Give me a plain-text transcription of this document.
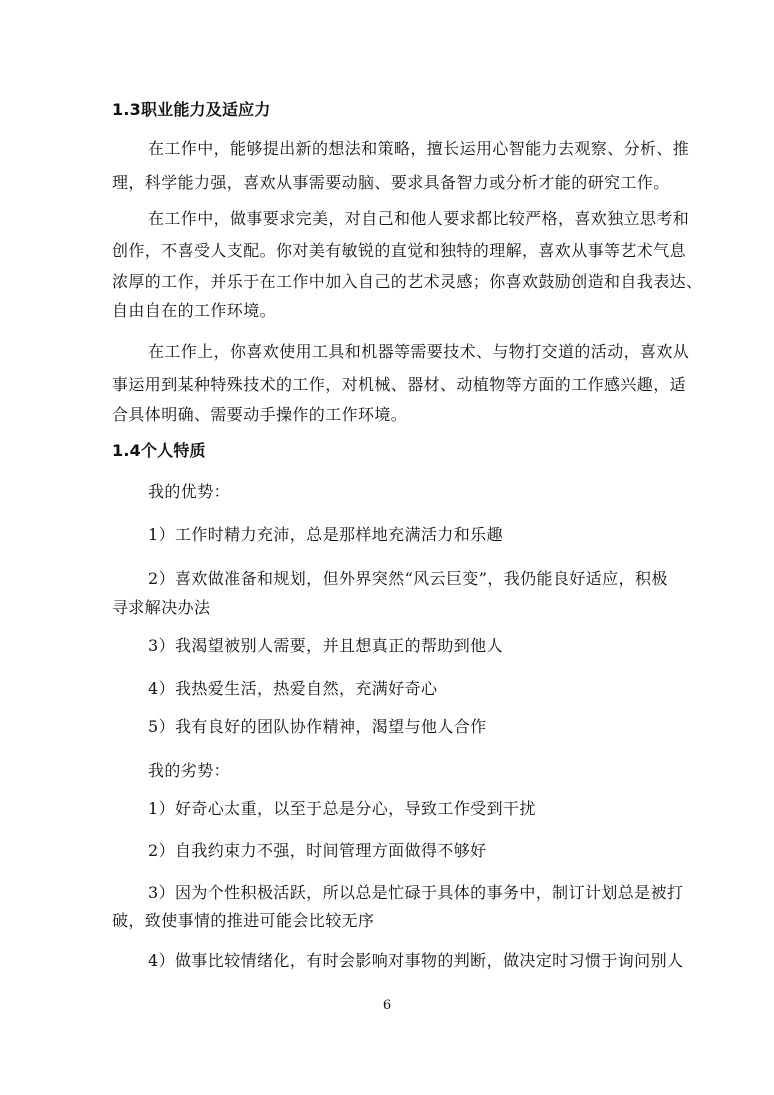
1.3职业能力及适应力
在工作中，能够提出新的想法和策略，擅长运用心智能力去观察、分析、推
理，科学能力强，喜欢从事需要动脑、要求具备智力或分析才能的研究工作。
在工作中，做事要求完美，对自己和他人要求都比较严格，喜欢独立思考和
创作，不喜受人支配。你对美有敏锐的直觉和独特的理解，喜欢从事等艺术气息
浓厚的工作，并乐于在工作中加入自己的艺术灵感；你喜欢鼓励创造和自我表达、
自由自在的工作环境。
在工作上，你喜欢使用工具和机器等需要技术、与物打交道的活动，喜欢从
事运用到某种特殊技术的工作，对机械、器材、动植物等方面的工作感兴趣，适
合具体明确、需要动手操作的工作环境。
1.4个人特质
我的优势：
1）工作时精力充沛，总是那样地充满活力和乐趣
2）喜欢做准备和规划，但外界突然“风云巨变”，我仍能良好适应，积极
寻求解决办法
3）我渴望被别人需要，并且想真正的帮助到他人
4）我热爱生活，热爱自然，充满好奇心
5）我有良好的团队协作精神，渴望与他人合作
我的劣势：
1）好奇心太重，以至于总是分心，导致工作受到干扰
2）自我约束力不强，时间管理方面做得不够好
3）因为个性积极活跃，所以总是忙碌于具体的事务中，制订计划总是被打
破，致使事情的推进可能会比较无序
4）做事比较情绪化，有时会影响对事物的判断，做决定时习惯于询问别人
6
